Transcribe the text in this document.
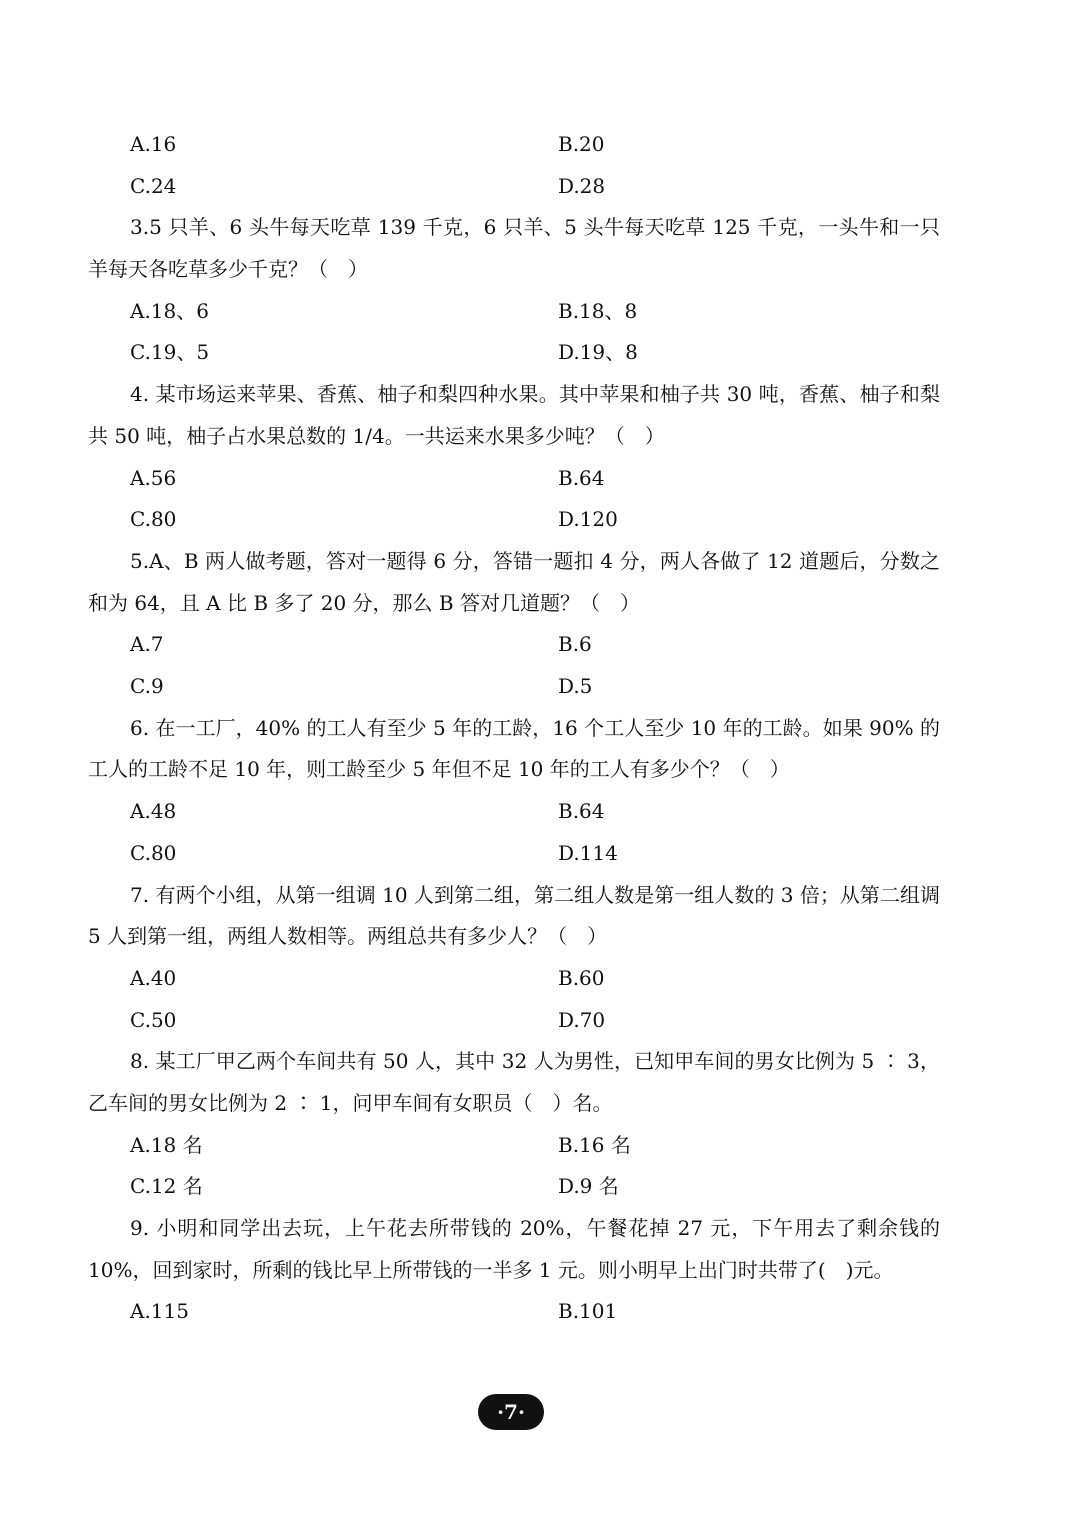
A.16	B.20
C.24	D.28

3.5 只羊、6 头牛每天吃草 139 千克，6 只羊、5 头牛每天吃草 125 千克，一头牛和一只羊每天各吃草多少千克？（　）

A.18、6	B.18、8
C.19、5	D.19、8

4. 某市场运来苹果、香蕉、柚子和梨四种水果。其中苹果和柚子共 30 吨，香蕉、柚子和梨共 50 吨，柚子占水果总数的 1/4。一共运来水果多少吨？（　）

A.56	B.64
C.80	D.120

5.A、B 两人做考题，答对一题得 6 分，答错一题扣 4 分，两人各做了 12 道题后，分数之和为 64，且 A 比 B 多了 20 分，那么 B 答对几道题？（　）

A.7	B.6
C.9	D.5

6. 在一工厂，40% 的工人有至少 5 年的工龄，16 个工人至少 10 年的工龄。如果 90% 的工人的工龄不足 10 年，则工龄至少 5 年但不足 10 年的工人有多少个？（　）

A.48	B.64
C.80	D.114

7. 有两个小组，从第一组调 10 人到第二组，第二组人数是第一组人数的 3 倍；从第二组调 5 人到第一组，两组人数相等。两组总共有多少人？（　）

A.40	B.60
C.50	D.70

8. 某工厂甲乙两个车间共有 50 人，其中 32 人为男性，已知甲车间的男女比例为 5 ∶ 3，乙车间的男女比例为 2 ∶ 1，问甲车间有女职员（　）名。

A.18 名	B.16 名
C.12 名	D.9 名

9. 小明和同学出去玩，上午花去所带钱的 20%，午餐花掉 27 元，下午用去了剩余钱的 10%，回到家时，所剩的钱比早上所带钱的一半多 1 元。则小明早上出门时共带了(　)元。

A.115	B.101
·7·
